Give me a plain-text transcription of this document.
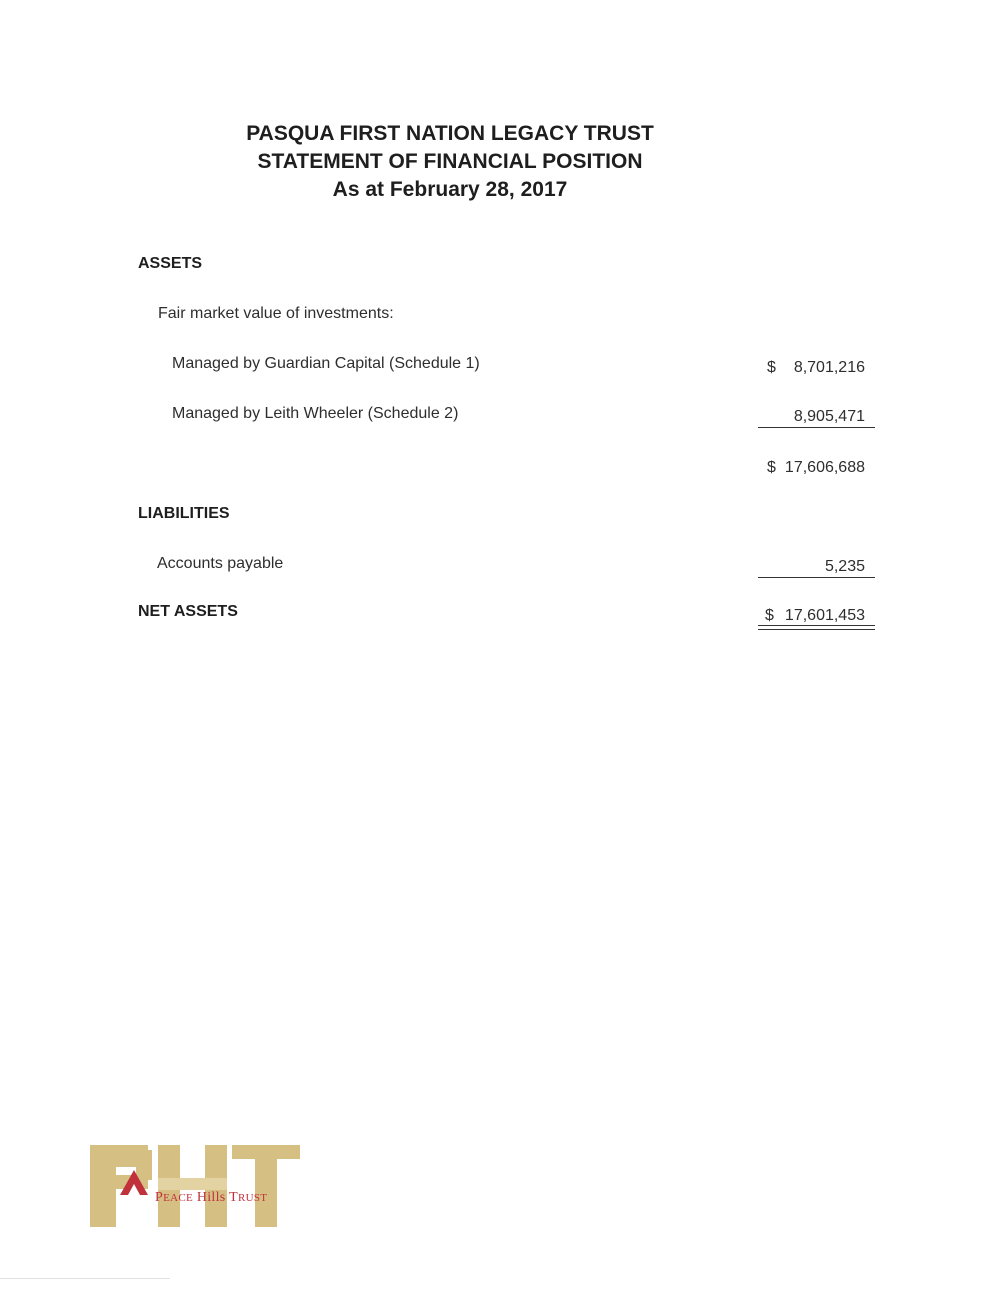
PASQUA FIRST NATION LEGACY TRUST
STATEMENT OF FINANCIAL POSITION
As at February 28, 2017
ASSETS
Fair market value of investments:
Managed by Guardian Capital (Schedule 1)	$ 8,701,216
Managed by Leith Wheeler (Schedule 2)	8,905,471
$ 17,606,688
LIABILITIES
Accounts payable	5,235
NET ASSETS	$ 17,601,453
PEACE Hills TRUST
